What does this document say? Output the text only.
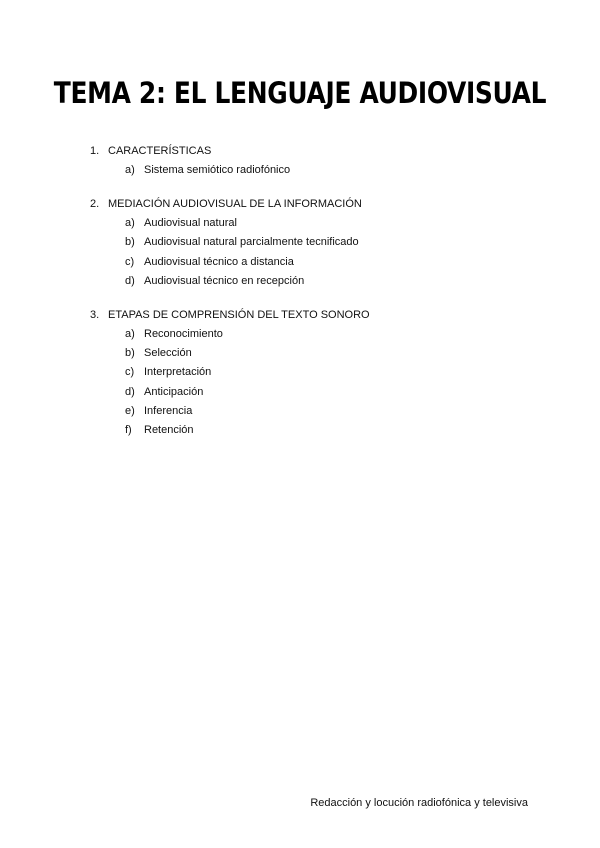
TEMA 2: EL LENGUAJE AUDIOVISUAL
1. CARACTERÍSTICAS
a) Sistema semiótico radiofónico
2. MEDIACIÓN AUDIOVISUAL DE LA INFORMACIÓN
a) Audiovisual natural
b) Audiovisual natural parcialmente tecnificado
c) Audiovisual técnico a distancia
d) Audiovisual técnico en recepción
3. ETAPAS DE COMPRENSIÓN DEL TEXTO SONORO
a) Reconocimiento
b) Selección
c) Interpretación
d) Anticipación
e) Inferencia
f) Retención
Redacción y locución radiofónica y televisiva
